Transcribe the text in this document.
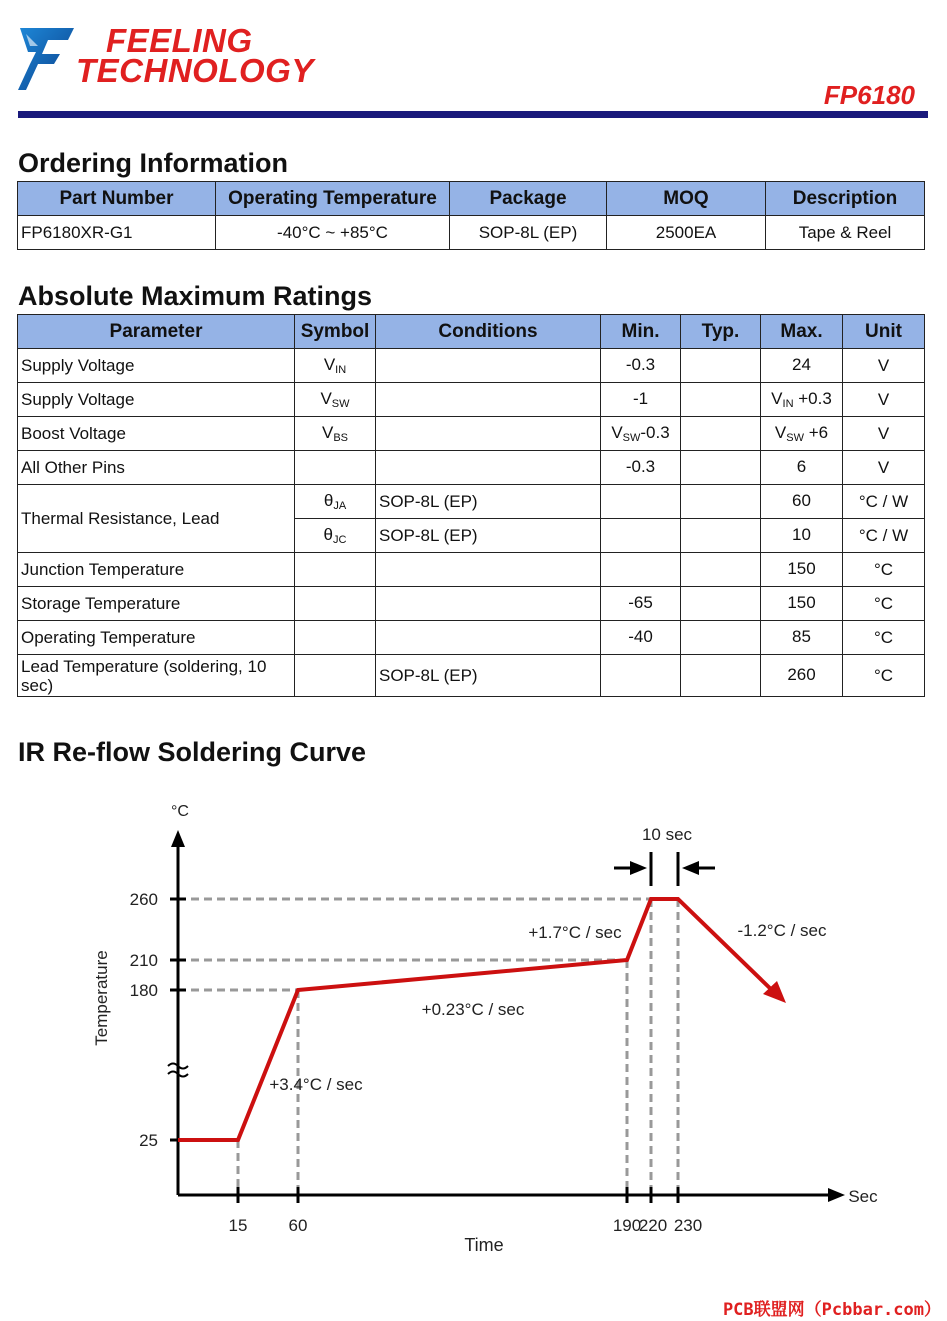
FEELING
TECHNOLOGY
FP6180
Ordering Information
Part Number	Operating Temperature	Package	MOQ	Description
FP6180XR-G1	-40°C ~ +85°C	SOP-8L (EP)	2500EA	Tape & Reel
Absolute Maximum Ratings
Parameter	Symbol	Conditions	Min.	Typ.	Max.	Unit
Supply Voltage	$V_{IN}$		-0.3		24	V
Supply Voltage	$V_{SW}$		-1		$V_{IN} +0.3$	V
Boost Voltage	$V_{BS}$		$V_{SW}-0.3$		$V_{SW} +6$	V
All Other Pins			-0.3		6	V
Thermal Resistance, Lead	$\theta_{JA}$	SOP-8L (EP)			60	°C / W
	$\theta_{JC}$	SOP-8L (EP)			10	°C / W
Junction Temperature					150	°C
Storage Temperature			-65		150	°C
Operating Temperature			-40		85	°C
Lead Temperature (soldering, 10 sec)		SOP-8L (EP)			260	°C
IR Re-flow Soldering Curve
260
210
180
25
15 60	190
220 230
°C
Sec
Temperature
Time
+3.4°C / sec
+0.23°C / sec
+1.7°C / sec	-1.2°C / sec
10 sec
PCB联盟网（Pcbbar.com）
